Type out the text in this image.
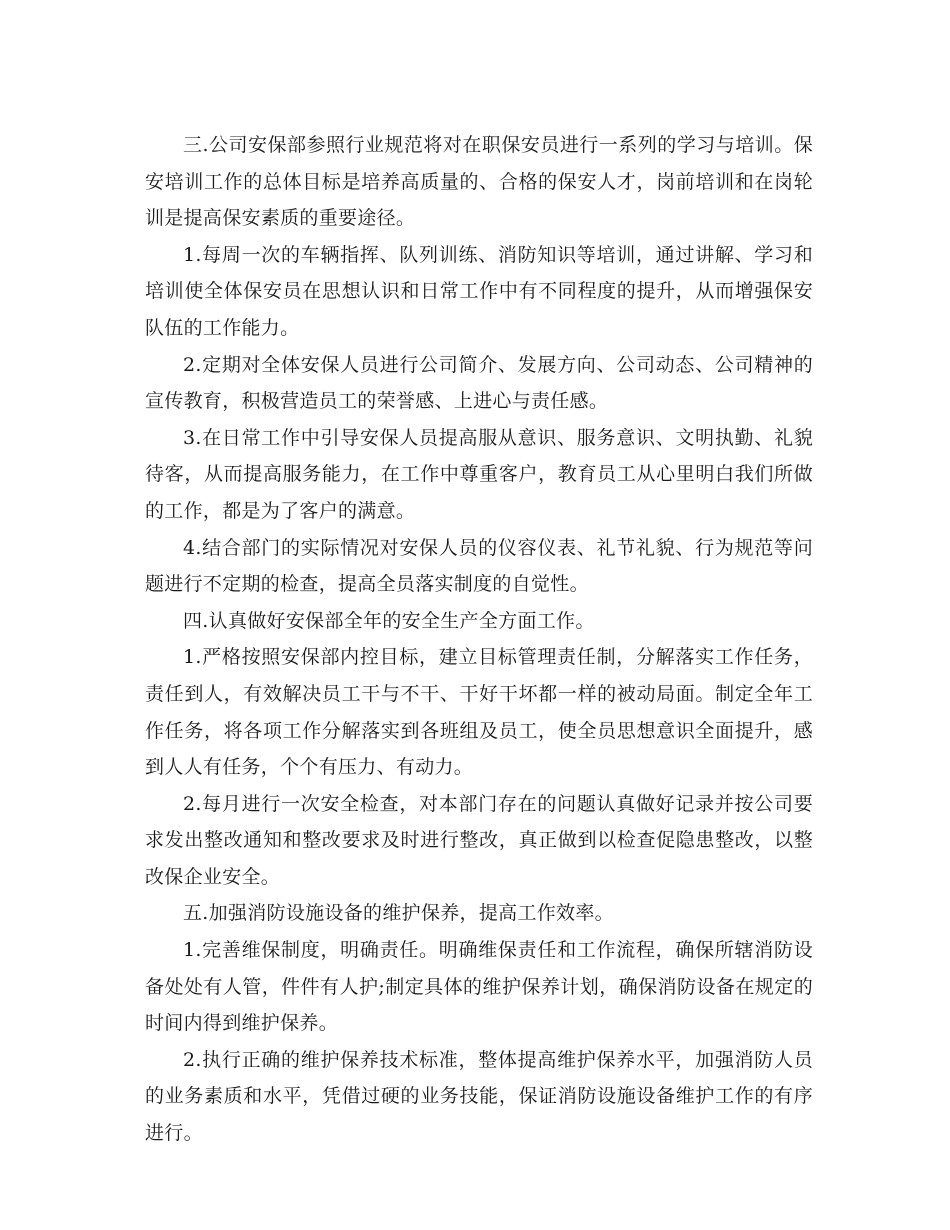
三.公司安保部参照行业规范将对在职保安员进行一系列的学习与培训。保安培训工作的总体目标是培养高质量的、合格的保安人才，岗前培训和在岗轮训是提高保安素质的重要途径。

1.每周一次的车辆指挥、队列训练、消防知识等培训，通过讲解、学习和培训使全体保安员在思想认识和日常工作中有不同程度的提升，从而增强保安队伍的工作能力。

2.定期对全体安保人员进行公司简介、发展方向、公司动态、公司精神的宣传教育，积极营造员工的荣誉感、上进心与责任感。

3.在日常工作中引导安保人员提高服从意识、服务意识、文明执勤、礼貌待客，从而提高服务能力，在工作中尊重客户，教育员工从心里明白我们所做的工作，都是为了客户的满意。

4.结合部门的实际情况对安保人员的仪容仪表、礼节礼貌、行为规范等问题进行不定期的检查，提高全员落实制度的自觉性。

四.认真做好安保部全年的安全生产全方面工作。

1.严格按照安保部内控目标，建立目标管理责任制，分解落实工作任务，责任到人，有效解决员工干与不干、干好干坏都一样的被动局面。制定全年工作任务，将各项工作分解落实到各班组及员工，使全员思想意识全面提升，感到人人有任务，个个有压力、有动力。

2.每月进行一次安全检查，对本部门存在的问题认真做好记录并按公司要求发出整改通知和整改要求及时进行整改，真正做到以检查促隐患整改，以整改保企业安全。

五.加强消防设施设备的维护保养，提高工作效率。

1.完善维保制度，明确责任。明确维保责任和工作流程，确保所辖消防设备处处有人管，件件有人护;制定具体的维护保养计划，确保消防设备在规定的时间内得到维护保养。

2.执行正确的维护保养技术标准，整体提高维护保养水平，加强消防人员的业务素质和水平，凭借过硬的业务技能，保证消防设施设备维护工作的有序进行。
